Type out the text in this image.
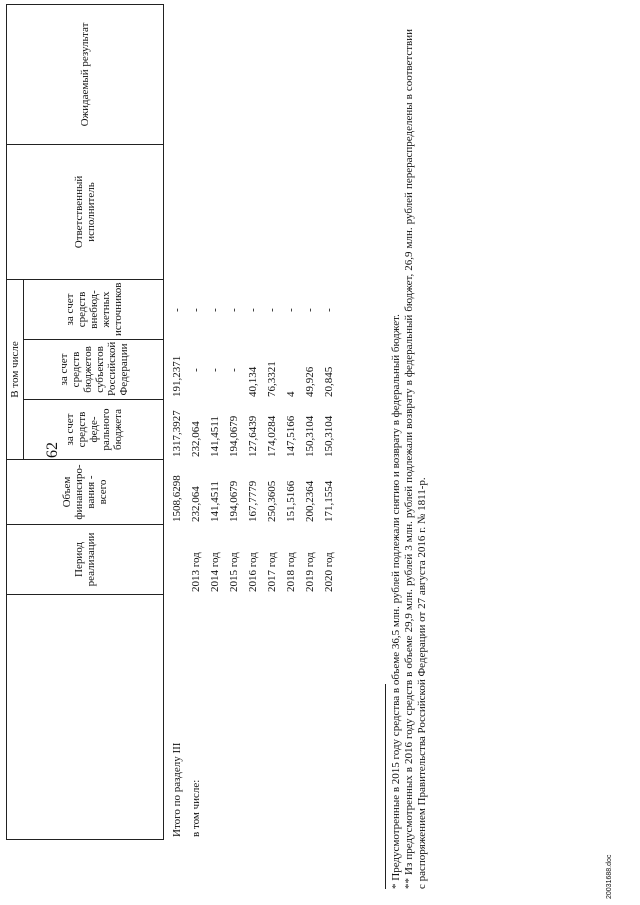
62
	Период реализации	Объем финансиро-вания - всего	В том числе			Ответственный исполнитель	Ожидаемый результат
			за счет средств феде-рального бюджета	за счет средств бюджетов субъектов Российской Федерации	за счет средств внебюд-жетных источников		
Итого по разделу III		1508,6298	1317,3927	191,2371	-		
в том числе:	2013 год	232,064	232,064	-	-		
	2014 год	141,4511	141,4511	-	-		
	2015 год	194,0679	194,0679	-	-		
	2016 год	167,7779	127,6439	40,134	-		
	2017 год	250,3605	174,0284	76,3321	-		
	2018 год	151,5166	147,5166	4	-		
	2019 год	200,2364	150,3104	49,926	-		
	2020 год	171,1554	150,3104	20,845	-		

* Предусмотренные в 2015 году средства в объеме 36,5 млн. рублей подлежали снятию и возврату в федеральный бюджет. ** Из предусмотренных в 2016 году средств в объеме 29,9 млн. рублей 3 млн. рублей подлежали возврату в федеральный бюджет, 26,9 млн. рублей перераспределены в соответствии с распоряжением Правительства Российской Федерации от 27 августа 2016 г. № 1811-р.	20031688.doc
